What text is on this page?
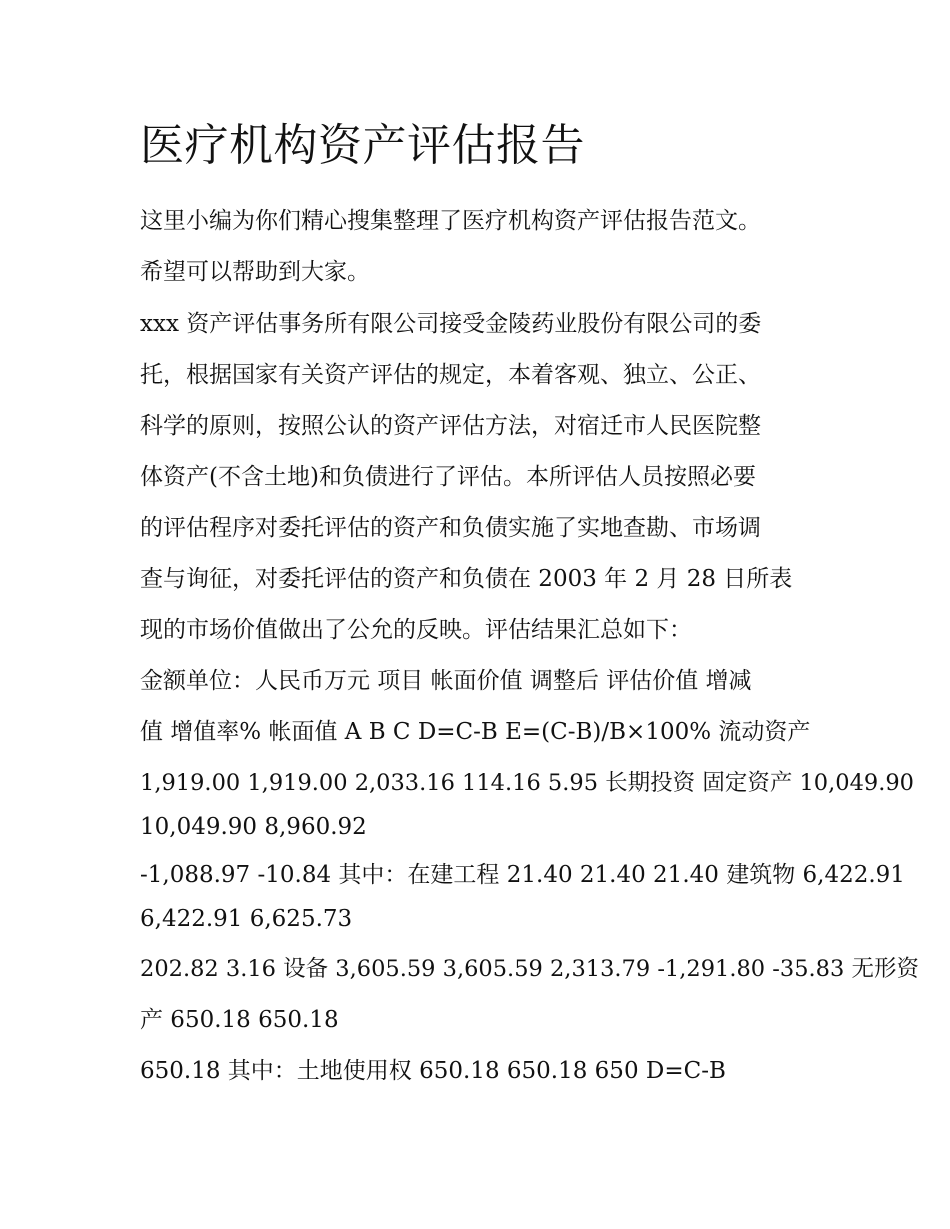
医疗机构资产评估报告

这里小编为你们精心搜集整理了医疗机构资产评估报告范文。

希望可以帮助到大家。

xxx 资产评估事务所有限公司接受金陵药业股份有限公司的委

托，根据国家有关资产评估的规定，本着客观、独立、公正、

科学的原则，按照公认的资产评估方法，对宿迁市人民医院整

体资产(不含土地)和负债进行了评估。本所评估人员按照必要

的评估程序对委托评估的资产和负债实施了实地查勘、市场调

查与询征，对委托评估的资产和负债在 2003 年 2 月 28 日所表

现的市场价值做出了公允的反映。评估结果汇总如下：

金额单位：人民币万元 项目 帐面价值 调整后 评估价值 增减

值 增值率% 帐面值 A B C D=C-B E=(C-B)/B×100% 流动资产

1,919.00 1,919.00 2,033.16 114.16 5.95 长期投资 固定资产 10,049.90

10,049.90 8,960.92

-1,088.97 -10.84 其中：在建工程 21.40 21.40 21.40 建筑物 6,422.91

6,422.91 6,625.73

202.82 3.16 设备 3,605.59 3,605.59 2,313.79 -1,291.80 -35.83 无形资

产 650.18 650.18

650.18 其中：土地使用权 650.18 650.18 650 D=C-B
